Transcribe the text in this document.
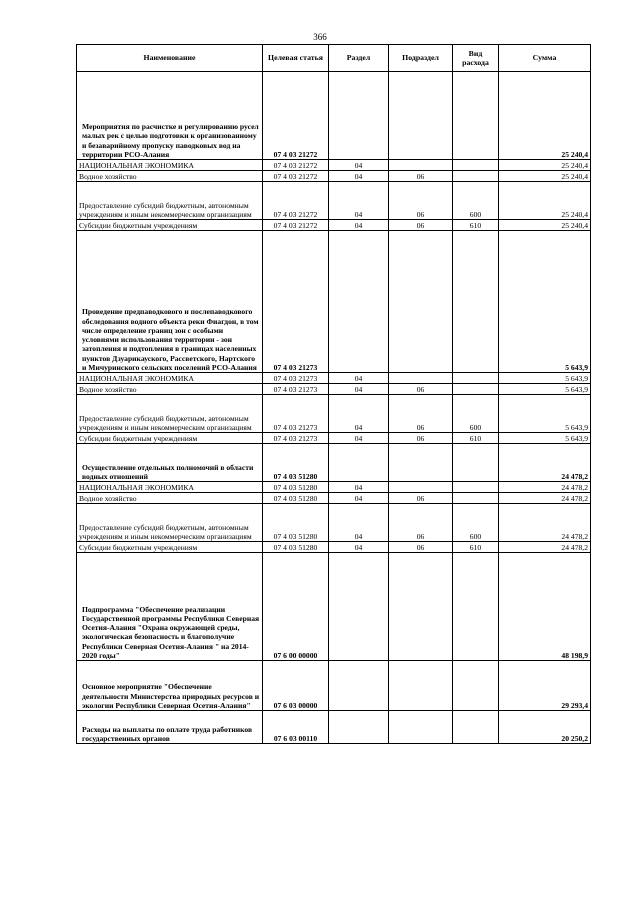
366
Наименование	Целевая статья	Раздел	Подраздел	Вид расхода	Сумма
Мероприятия по расчистке и регулированию русел малых рек с целью подготовки к организованному и безаварийному пропуску паводковых вод на территории РСО-Алания	07 4 03 21272				25 240,4
НАЦИОНАЛЬНАЯ ЭКОНОМИКА	07 4 03 21272	04			25 240,4
Водное хозяйство	07 4 03 21272	04	06		25 240,4
Предоставление субсидий бюджетным, автономным учреждениям и иным некоммерческим организациям	07 4 03 21272	04	06	600	25 240,4
Субсидии бюджетным учреждениям	07 4 03 21272	04	06	610	25 240,4
Проведение предпаводкового и послепаводкового обследования водного объекта реки Фиагдон, в том числе определение границ зон с особыми условиями использования территории - зон затопления и подтопления в границах населенных пунктов Дзуарикауского, Рассветского, Нартского и Мичуринского сельских поселений РСО-Алания	07 4 03 21273				5 643,9
НАЦИОНАЛЬНАЯ ЭКОНОМИКА	07 4 03 21273	04			5 643,9
Водное хозяйство	07 4 03 21273	04	06		5 643,9
Предоставление субсидий бюджетным, автономным учреждениям и иным некоммерческим организациям	07 4 03 21273	04	06	600	5 643,9
Субсидии бюджетным учреждениям	07 4 03 21273	04	06	610	5 643,9
Осуществление отдельных полномочий в области водных отношений	07 4 03 51280				24 478,2
НАЦИОНАЛЬНАЯ ЭКОНОМИКА	07 4 03 51280	04			24 478,2
Водное хозяйство	07 4 03 51280	04	06		24 478,2
Предоставление субсидий бюджетным, автономным учреждениям и иным некоммерческим организациям	07 4 03 51280	04	06	600	24 478,2
Субсидии бюджетным учреждениям	07 4 03 51280	04	06	610	24 478,2
Подпрограмма "Обеспечение реализации Государственной программы Республики Северная Осетия-Алания "Охрана окружающей среды, экологическая безопасность и благополучие Республики Северная Осетия-Алания " на 2014-2020 годы"	07 6 00 00000				48 198,9
Основное мероприятие "Обеспечение деятельности Министерства природных ресурсов и экологии Республики Северная Осетия-Алания"	07 6 03 00000				29 293,4
Расходы на выплаты по оплате труда работников государственных органов	07 6 03 00110				20 250,2
